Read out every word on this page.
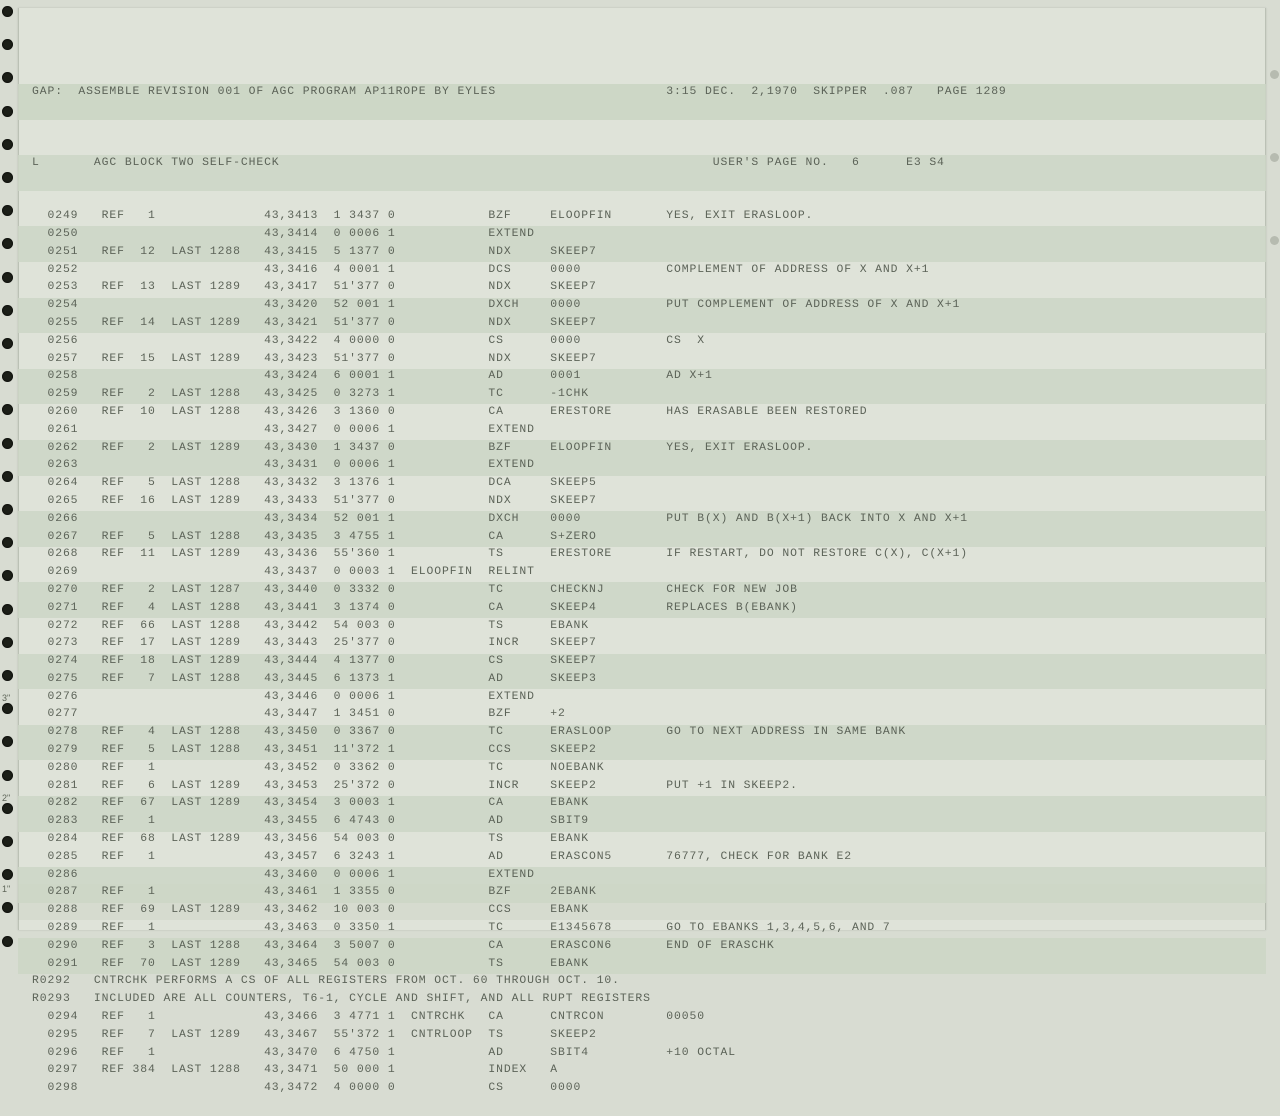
GAP:  ASSEMBLE REVISION 001 OF AGC PROGRAM AP11ROPE BY EYLES                      3:15 DEC.  2,1970  SKIPPER  .087   PAGE 1289

L       AGC BLOCK TWO SELF-CHECK                                                        USER'S PAGE NO.   6      E3 S4

0249   REF   1              43,3413  1 3437 0            BZF     ELOOPFIN       YES, EXIT ERASLOOP.
0250                        43,3414  0 0006 1            EXTEND
0251   REF  12  LAST 1288   43,3415  5 1377 0            NDX     SKEEP7
0252                        43,3416  4 0001 1            DCS     0000           COMPLEMENT OF ADDRESS OF X AND X+1
0253   REF  13  LAST 1289   43,3417  51'377 0            NDX     SKEEP7
0254                        43,3420  52 001 1            DXCH    0000           PUT COMPLEMENT OF ADDRESS OF X AND X+1
0255   REF  14  LAST 1289   43,3421  51'377 0            NDX     SKEEP7
0256                        43,3422  4 0000 0            CS      0000           CS  X
0257   REF  15  LAST 1289   43,3423  51'377 0            NDX     SKEEP7
0258                        43,3424  6 0001 1            AD      0001           AD X+1
0259   REF   2  LAST 1288   43,3425  0 3273 1            TC      -1CHK
0260   REF  10  LAST 1288   43,3426  3 1360 0            CA      ERESTORE       HAS ERASABLE BEEN RESTORED
0261                        43,3427  0 0006 1            EXTEND
0262   REF   2  LAST 1289   43,3430  1 3437 0            BZF     ELOOPFIN       YES, EXIT ERASLOOP.
0263                        43,3431  0 0006 1            EXTEND
0264   REF   5  LAST 1288   43,3432  3 1376 1            DCA     SKEEP5
0265   REF  16  LAST 1289   43,3433  51'377 0            NDX     SKEEP7
0266                        43,3434  52 001 1            DXCH    0000           PUT B(X) AND B(X+1) BACK INTO X AND X+1
0267   REF   5  LAST 1288   43,3435  3 4755 1            CA      S+ZERO
0268   REF  11  LAST 1289   43,3436  55'360 1            TS      ERESTORE       IF RESTART, DO NOT RESTORE C(X), C(X+1)
0269                        43,3437  0 0003 1  ELOOPFIN  RELINT
0270   REF   2  LAST 1287   43,3440  0 3332 0            TC      CHECKNJ        CHECK FOR NEW JOB
0271   REF   4  LAST 1288   43,3441  3 1374 0            CA      SKEEP4         REPLACES B(EBANK)
0272   REF  66  LAST 1288   43,3442  54 003 0            TS      EBANK
0273   REF  17  LAST 1289   43,3443  25'377 0            INCR    SKEEP7
0274   REF  18  LAST 1289   43,3444  4 1377 0            CS      SKEEP7
0275   REF   7  LAST 1288   43,3445  6 1373 1            AD      SKEEP3
0276                        43,3446  0 0006 1            EXTEND
0277                        43,3447  1 3451 0            BZF     +2
0278   REF   4  LAST 1288   43,3450  0 3367 0            TC      ERASLOOP       GO TO NEXT ADDRESS IN SAME BANK
0279   REF   5  LAST 1288   43,3451  11'372 1            CCS     SKEEP2
0280   REF   1              43,3452  0 3362 0            TC      NOEBANK
0281   REF   6  LAST 1289   43,3453  25'372 0            INCR    SKEEP2         PUT +1 IN SKEEP2.
0282   REF  67  LAST 1289   43,3454  3 0003 1            CA      EBANK
0283   REF   1              43,3455  6 4743 0            AD      SBIT9
0284   REF  68  LAST 1289   43,3456  54 003 0            TS      EBANK
0285   REF   1              43,3457  6 3243 1            AD      ERASCON5       76777, CHECK FOR BANK E2
0286                        43,3460  0 0006 1            EXTEND
0287   REF   1              43,3461  1 3355 0            BZF     2EBANK
0288   REF  69  LAST 1289   43,3462  10 003 0            CCS     EBANK
0289   REF   1              43,3463  0 3350 1            TC      E1345678       GO TO EBANKS 1,3,4,5,6, AND 7
0290   REF   3  LAST 1288   43,3464  3 5007 0            CA      ERASCON6       END OF ERASCHK
0291   REF  70  LAST 1289   43,3465  54 003 0            TS      EBANK
R0292   CNTRCHK PERFORMS A CS OF ALL REGISTERS FROM OCT. 60 THROUGH OCT. 10.
R0293   INCLUDED ARE ALL COUNTERS, T6-1, CYCLE AND SHIFT, AND ALL RUPT REGISTERS
0294   REF   1              43,3466  3 4771 1  CNTRCHK   CA      CNTRCON        00050
0295   REF   7  LAST 1289   43,3467  55'372 1  CNTRLOOP  TS      SKEEP2
0296   REF   1              43,3470  6 4750 1            AD      SBIT4          +10 OCTAL
0297   REF 384  LAST 1288   43,3471  50 000 1            INDEX   A
0298                        43,3472  4 0000 0            CS      0000

3"
2"
1"
